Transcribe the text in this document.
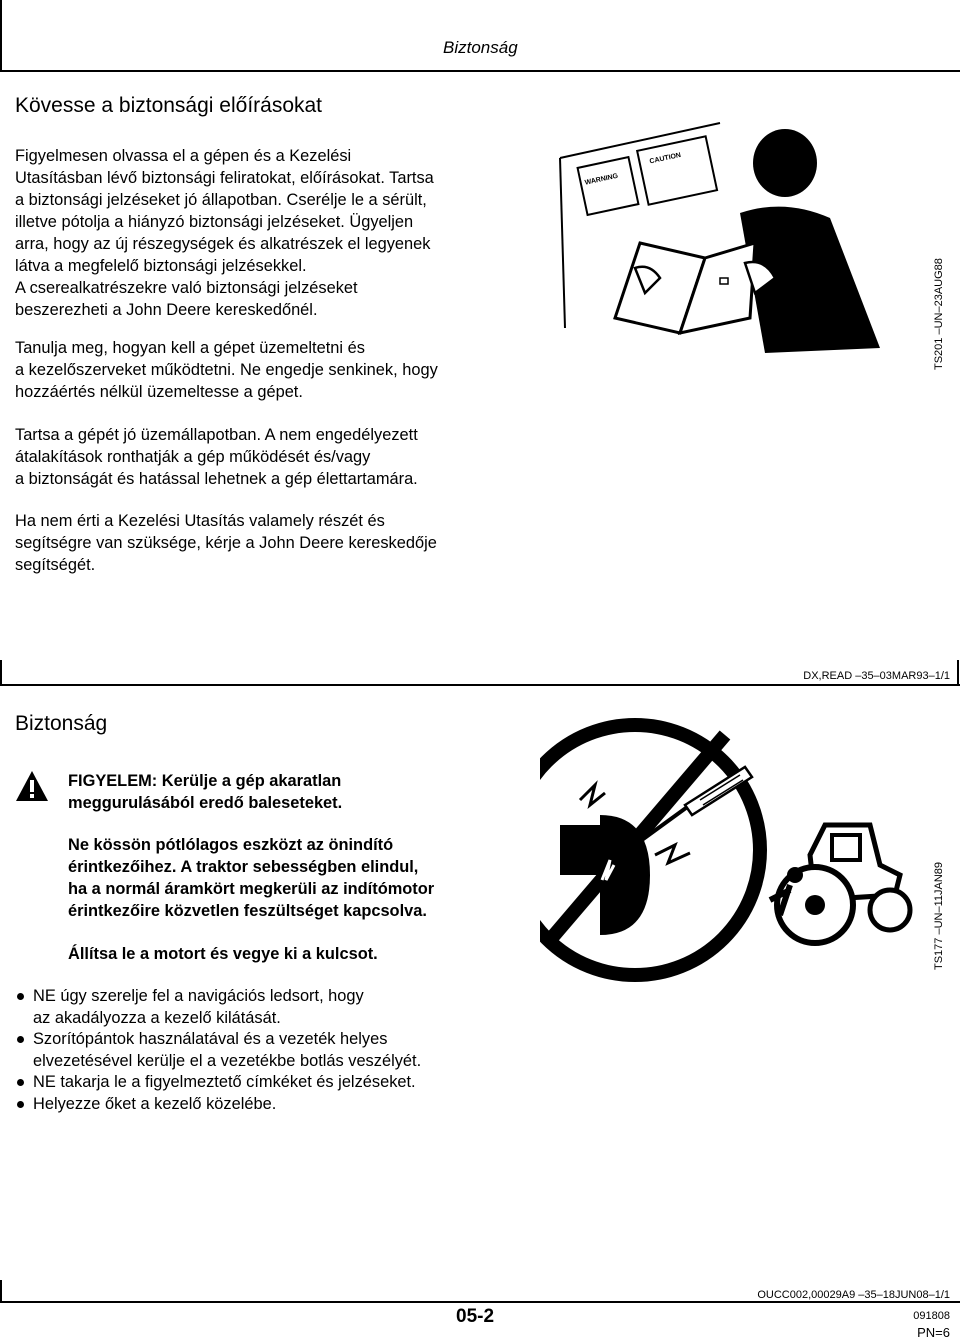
Biztonság
Kövesse a biztonsági előírásokat
Figyelmesen olvassa el a gépen és a Kezelési
Utasításban lévő biztonsági feliratokat, előírásokat. Tartsa
a biztonsági jelzéseket jó állapotban. Cserélje le a sérült,
illetve pótolja a hiányzó biztonsági jelzéseket. Ügyeljen
arra, hogy az új részegységek és alkatrészek el legyenek
látva a megfelelő biztonsági jelzésekkel.
A cserealkatrészekre való biztonsági jelzéseket
beszerezheti a John Deere kereskedőnél.
Tanulja meg, hogyan kell a gépet üzemeltetni és
a kezelőszerveket működtetni. Ne engedje senkinek, hogy
hozzáértés nélkül üzemeltesse a gépet.
Tartsa a gépét jó üzemállapotban. A nem engedélyezett
átalakítások ronthatják a gép működését és/vagy
a biztonságát és hatással lehetnek a gép élettartamára.
Ha nem érti a Kezelési Utasítás valamely részét és
segítségre van szüksége, kérje a John Deere kereskedője
segítségét.
WARNING
CAUTION
TS201 –UN–23AUG88
DX,READ –35–03MAR93–1/1
Biztonság
FIGYELEM: Kerülje a gép akaratlan
meggurulásából eredő baleseteket.
Ne kössön pótlólagos eszközt az önindító
érintkezőihez. A traktor sebességben elindul,
ha a normál áramkört megkerüli az indítómotor
érintkezőire közvetlen feszültséget kapcsolva.
Állítsa le a motort és vegye ki a kulcsot.	TS177 –UN–11JAN89
NE úgy szerelje fel a navigációs ledsort, hogy
az akadályozza a kezelő kilátását.
Szorítópántok használatával és a vezeték helyes
elvezetésével kerülje el a vezetékbe botlás veszélyét.
NE takarja le a figyelmeztető címkéket és jelzéseket.
Helyezze őket a kezelő közelébe.
OUCC002,00029A9 –35–18JUN08–1/1
05-2	091808
PN=6
